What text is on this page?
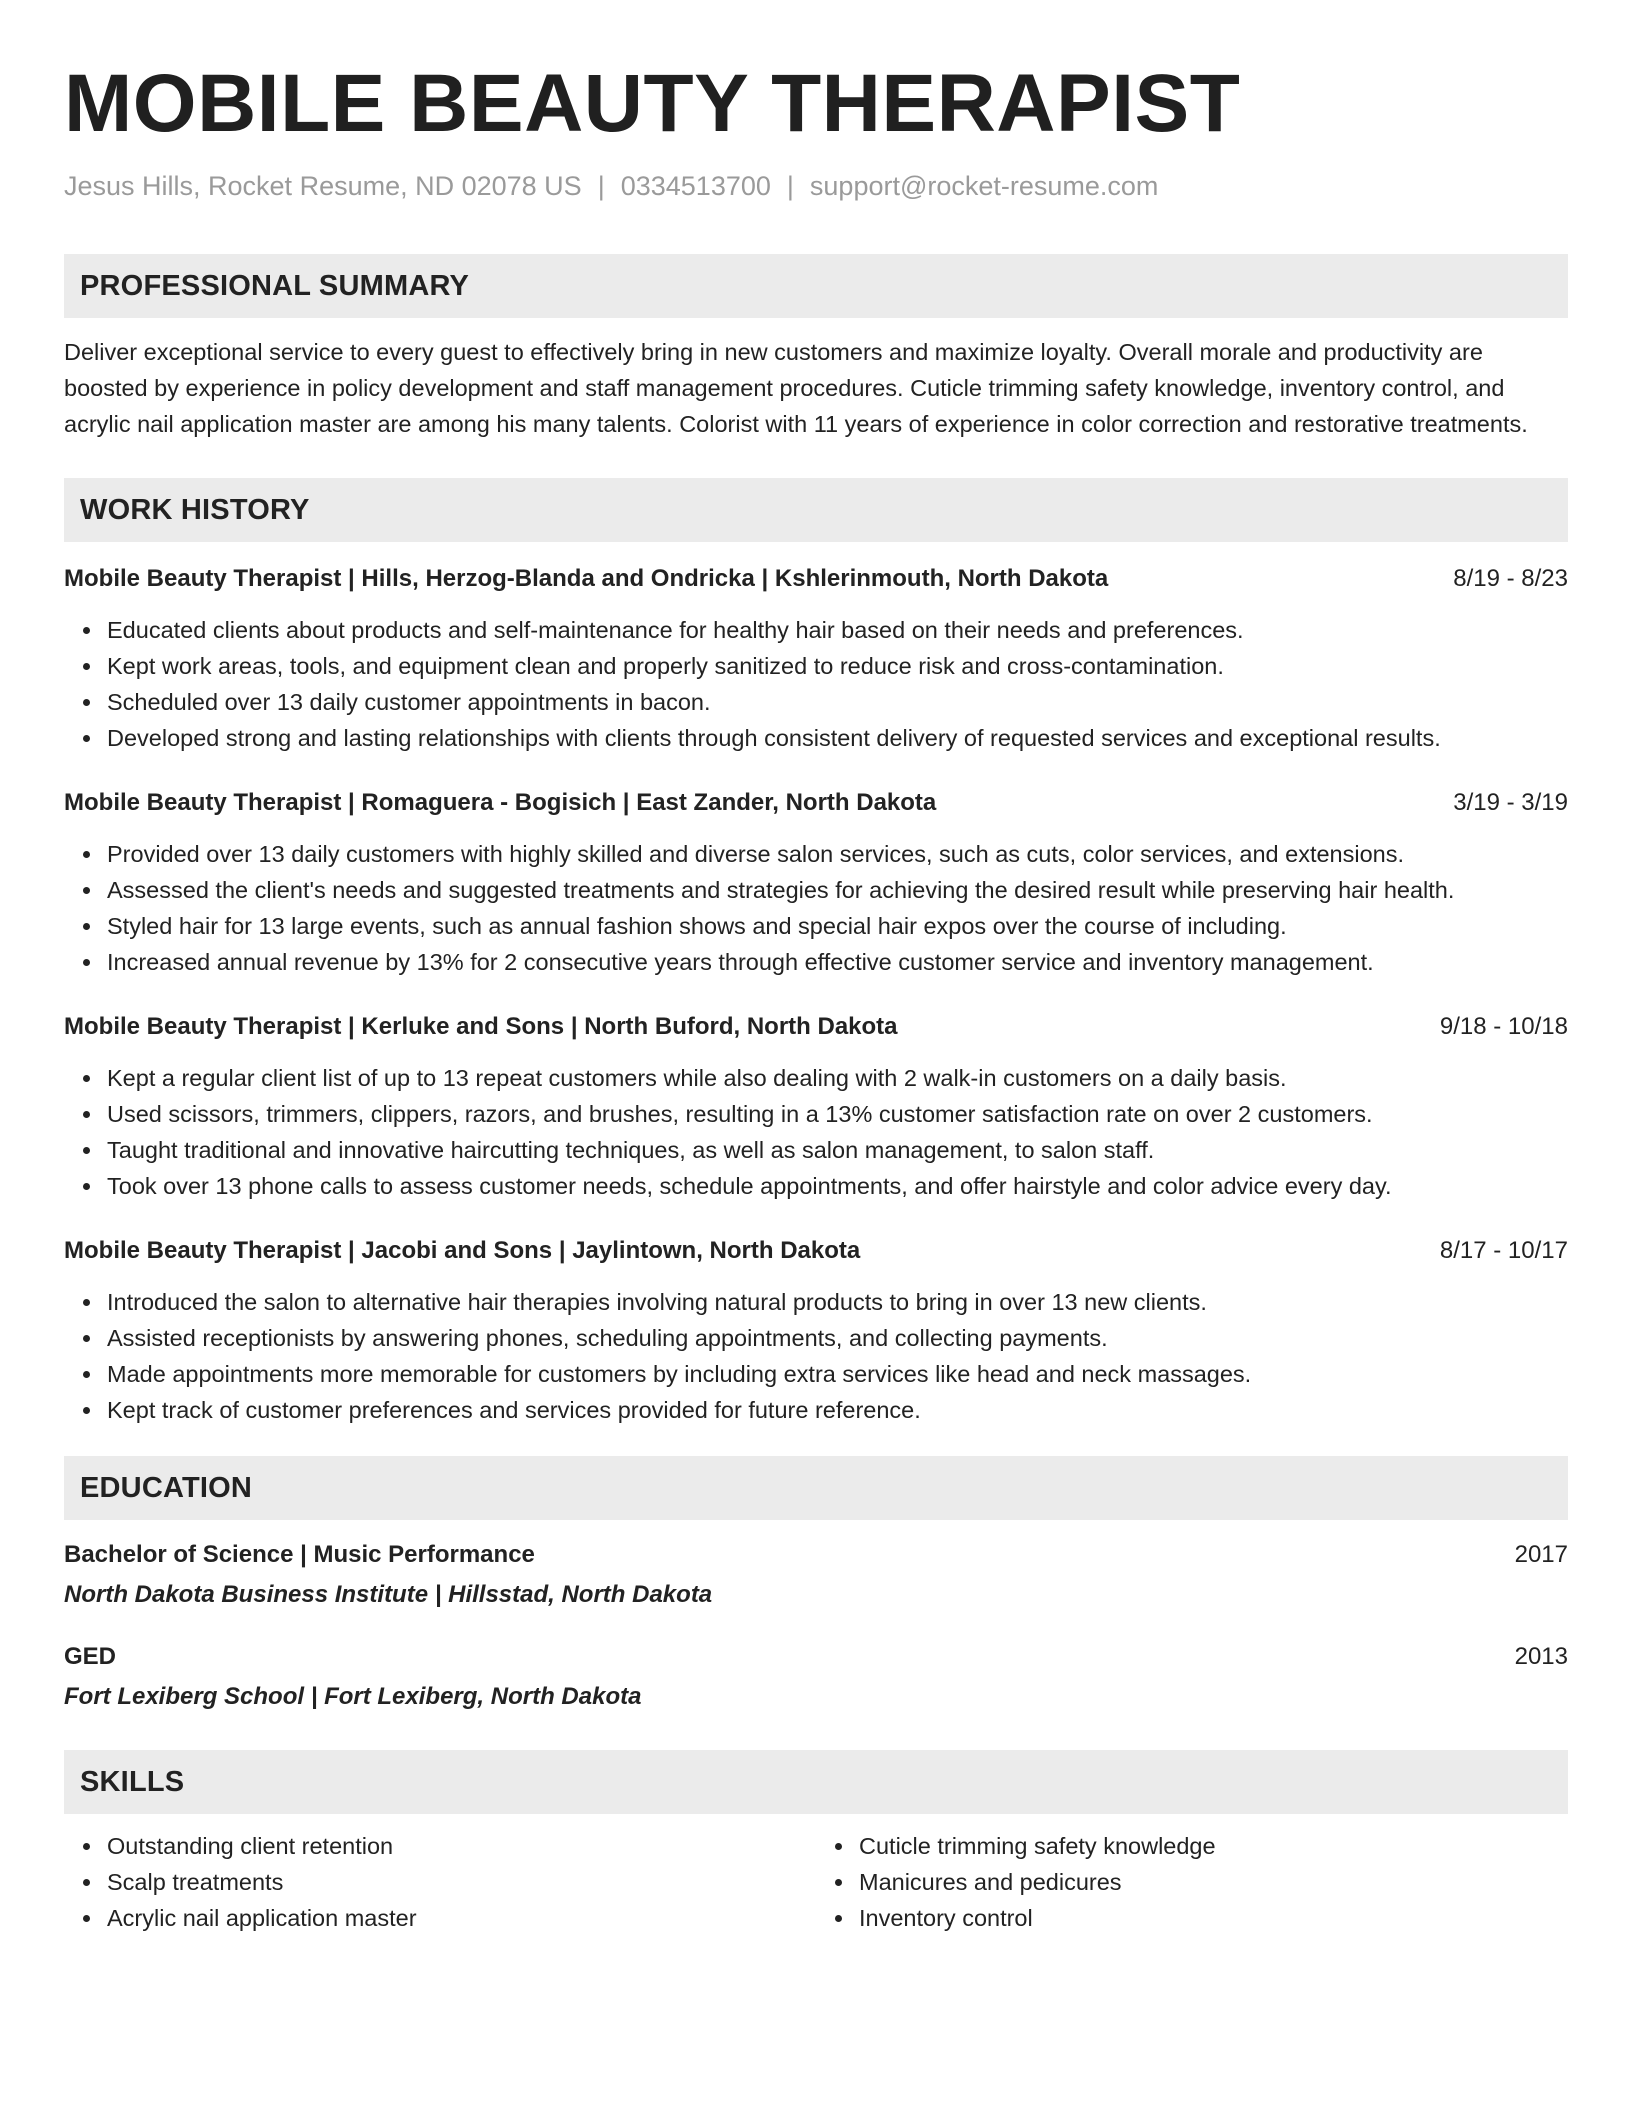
MOBILE BEAUTY THERAPIST
Jesus Hills, Rocket Resume, ND 02078 US | 0334513700 | support@rocket-resume.com
PROFESSIONAL SUMMARY

Deliver exceptional service to every guest to effectively bring in new customers and maximize loyalty. Overall morale and productivity are boosted by experience in policy development and staff management procedures. Cuticle trimming safety knowledge, inventory control, and acrylic nail application master are among his many talents. Colorist with 11 years of experience in color correction and restorative treatments.

WORK HISTORY
Mobile Beauty Therapist | Hills, Herzog-Blanda and Ondricka | Kshlerinmouth, North Dakota	8/19 - 8/23
Educated clients about products and self-maintenance for healthy hair based on their needs and preferences.
Kept work areas, tools, and equipment clean and properly sanitized to reduce risk and cross-contamination.
Scheduled over 13 daily customer appointments in bacon.
Developed strong and lasting relationships with clients through consistent delivery of requested services and exceptional results.
Mobile Beauty Therapist | Romaguera - Bogisich | East Zander, North Dakota	3/19 - 3/19
Provided over 13 daily customers with highly skilled and diverse salon services, such as cuts, color services, and extensions.
Assessed the client's needs and suggested treatments and strategies for achieving the desired result while preserving hair health.
Styled hair for 13 large events, such as annual fashion shows and special hair expos over the course of including.
Increased annual revenue by 13% for 2 consecutive years through effective customer service and inventory management.
Mobile Beauty Therapist | Kerluke and Sons | North Buford, North Dakota	9/18 - 10/18
Kept a regular client list of up to 13 repeat customers while also dealing with 2 walk-in customers on a daily basis.
Used scissors, trimmers, clippers, razors, and brushes, resulting in a 13% customer satisfaction rate on over 2 customers.
Taught traditional and innovative haircutting techniques, as well as salon management, to salon staff.
Took over 13 phone calls to assess customer needs, schedule appointments, and offer hairstyle and color advice every day.
Mobile Beauty Therapist | Jacobi and Sons | Jaylintown, North Dakota	8/17 - 10/17
Introduced the salon to alternative hair therapies involving natural products to bring in over 13 new clients.
Assisted receptionists by answering phones, scheduling appointments, and collecting payments.
Made appointments more memorable for customers by including extra services like head and neck massages.
Kept track of customer preferences and services provided for future reference.
EDUCATION
Bachelor of Science | Music Performance	2017
North Dakota Business Institute | Hillsstad, North Dakota
GED	2013
Fort Lexiberg School | Fort Lexiberg, North Dakota
SKILLS
Outstanding client retention
Scalp treatments
Acrylic nail application master
Cuticle trimming safety knowledge
Manicures and pedicures
Inventory control
